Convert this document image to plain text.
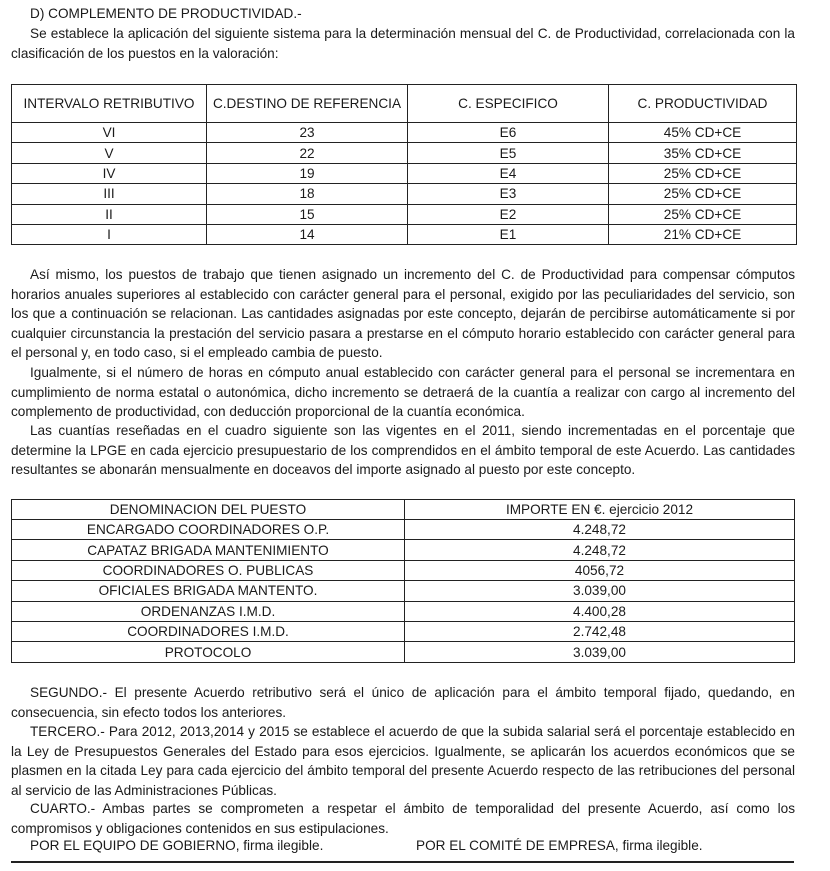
D) COMPLEMENTO DE PRODUCTIVIDAD.-

Se establece la aplicación del siguiente sistema para la determinación mensual del C. de Productividad, correlacionada con la clasificación de los puestos en la valoración:

INTERVALO RETRIBUTIVO	C.DESTINO DE REFERENCIA	C. ESPECIFICO	C. PRODUCTIVIDAD
VI	23	E6	45% CD+CE
V	22	E5	35% CD+CE
IV	19	E4	25% CD+CE
III	18	E3	25% CD+CE
II	15	E2	25% CD+CE
I	14	E1	21% CD+CE

Así mismo, los puestos de trabajo que tienen asignado un incremento del C. de Productividad para compensar cómputos horarios anuales superiores al establecido con carácter general para el personal, exigido por las peculiaridades del servicio, son los que a continuación se relacionan. Las cantidades asignadas por este concepto, dejarán de percibirse automáticamente si por cualquier circunstancia la prestación del servicio pasara a prestarse en el cómputo horario establecido con carácter general para el personal y, en todo caso, si el empleado cambia de puesto.

Igualmente, si el número de horas en cómputo anual establecido con carácter general para el personal se incrementara en cumplimiento de norma estatal o autonómica, dicho incremento se detraerá de la cuantía a realizar con cargo al incremento del complemento de productividad, con deducción proporcional de la cuantía económica.

Las cuantías reseñadas en el cuadro siguiente son las vigentes en el 2011, siendo incrementadas en el porcentaje que determine la LPGE en cada ejercicio presupuestario de los comprendidos en el ámbito temporal de este Acuerdo. Las cantidades resultantes se abonarán mensualmente en doceavos del importe asignado al puesto por este concepto.

DENOMINACION DEL PUESTO	IMPORTE EN €. ejercicio 2012
ENCARGADO COORDINADORES O.P.	4.248,72
CAPATAZ BRIGADA MANTENIMIENTO	4.248,72
COORDINADORES O. PUBLICAS	4056,72
OFICIALES BRIGADA MANTENTO.	3.039,00
ORDENANZAS I.M.D.	4.400,28
COORDINADORES I.M.D.	2.742,48
PROTOCOLO	3.039,00

SEGUNDO.- El presente Acuerdo retributivo será el único de aplicación para el ámbito temporal fijado, quedando, en consecuencia, sin efecto todos los anteriores.

TERCERO.- Para 2012, 2013,2014 y 2015 se establece el acuerdo de que la subida salarial será el porcentaje establecido en la Ley de Presupuestos Generales del Estado para esos ejercicios. Igualmente, se aplicarán los acuerdos económicos que se plasmen en la citada Ley para cada ejercicio del ámbito temporal del presente Acuerdo respecto de las retribuciones del personal al servicio de las Administraciones Públicas.

CUARTO.- Ambas partes se comprometen a respetar el ámbito de temporalidad del presente Acuerdo, así como los compromisos y obligaciones contenidos en sus estipulaciones.

POR EL EQUIPO DE GOBIERNO, firma ilegible.	POR EL COMITÉ DE EMPRESA, firma ilegible.
